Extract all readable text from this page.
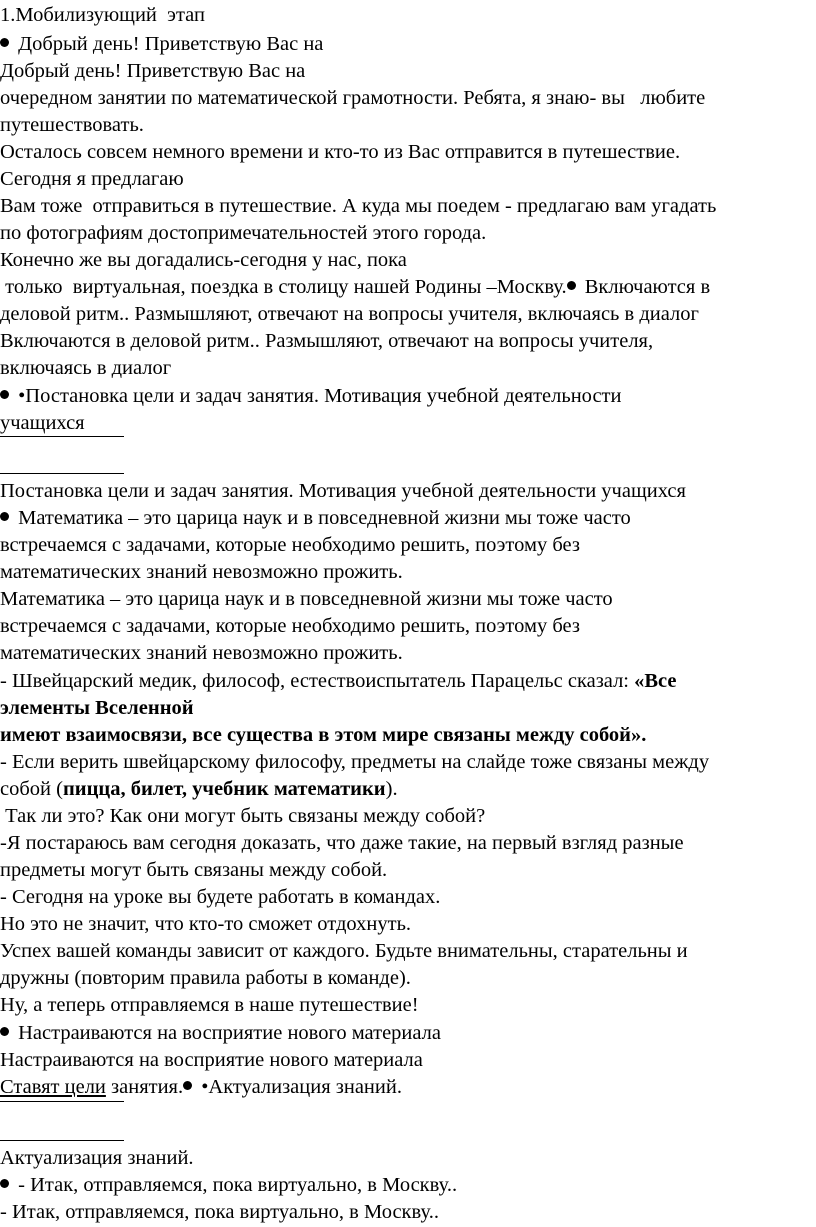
1.Мобилизующий  этап
Добрый день! Приветствую Вас на
Добрый день! Приветствую Вас на
очередном занятии по математической грамотности. Ребята, я знаю- вы   любите
путешествовать.
Осталось совсем немного времени и кто-то из Вас отправится в путешествие.
Сегодня я предлагаю
Вам тоже  отправиться в путешествие. А куда мы поедем - предлагаю вам угадать
по фотографиям достопримечательностей этого города.
Конечно же вы догадались-сегодня у нас, пока
только  виртуальная, поездка в столицу нашей Родины –Москву. Включаются в
деловой ритм.. Размышляют, отвечают на вопросы учителя, включаясь в диалог
Включаются в деловой ритм.. Размышляют, отвечают на вопросы учителя,
включаясь в диалог
•Постановка цели и задач занятия. Мотивация учебной деятельности
учащихся
Постановка цели и задач занятия. Мотивация учебной деятельности учащихся
Математика – это царица наук и в повседневной жизни мы тоже часто
встречаемся с задачами, которые необходимо решить, поэтому без
математических знаний невозможно прожить.
Математика – это царица наук и в повседневной жизни мы тоже часто
встречаемся с задачами, которые необходимо решить, поэтому без
математических знаний невозможно прожить.
- Швейцарский медик, философ, естествоиспытатель Парацельс сказал: «Все
элементы Вселенной
имеют взаимосвязи, все существа в этом мире связаны между собой».
- Если верить швейцарскому философу, предметы на слайде тоже связаны между
собой (пицца, билет, учебник математики).
Так ли это? Как они могут быть связаны между собой?
-Я постараюсь вам сегодня доказать, что даже такие, на первый взгляд разные
предметы могут быть связаны между собой.
- Сегодня на уроке вы будете работать в командах.
Но это не значит, что кто-то сможет отдохнуть.
Успех вашей команды зависит от каждого. Будьте внимательны, старательны и
дружны (повторим правила работы в команде).
Ну, а теперь отправляемся в наше путешествие!
Настраиваются на восприятие нового материала
Настраиваются на восприятие нового материала
Ставят цели занятия. •Актуализация знаний.
Актуализация знаний.
- Итак, отправляемся, пока виртуально, в Москву..
- Итак, отправляемся, пока виртуально, в Москву..
